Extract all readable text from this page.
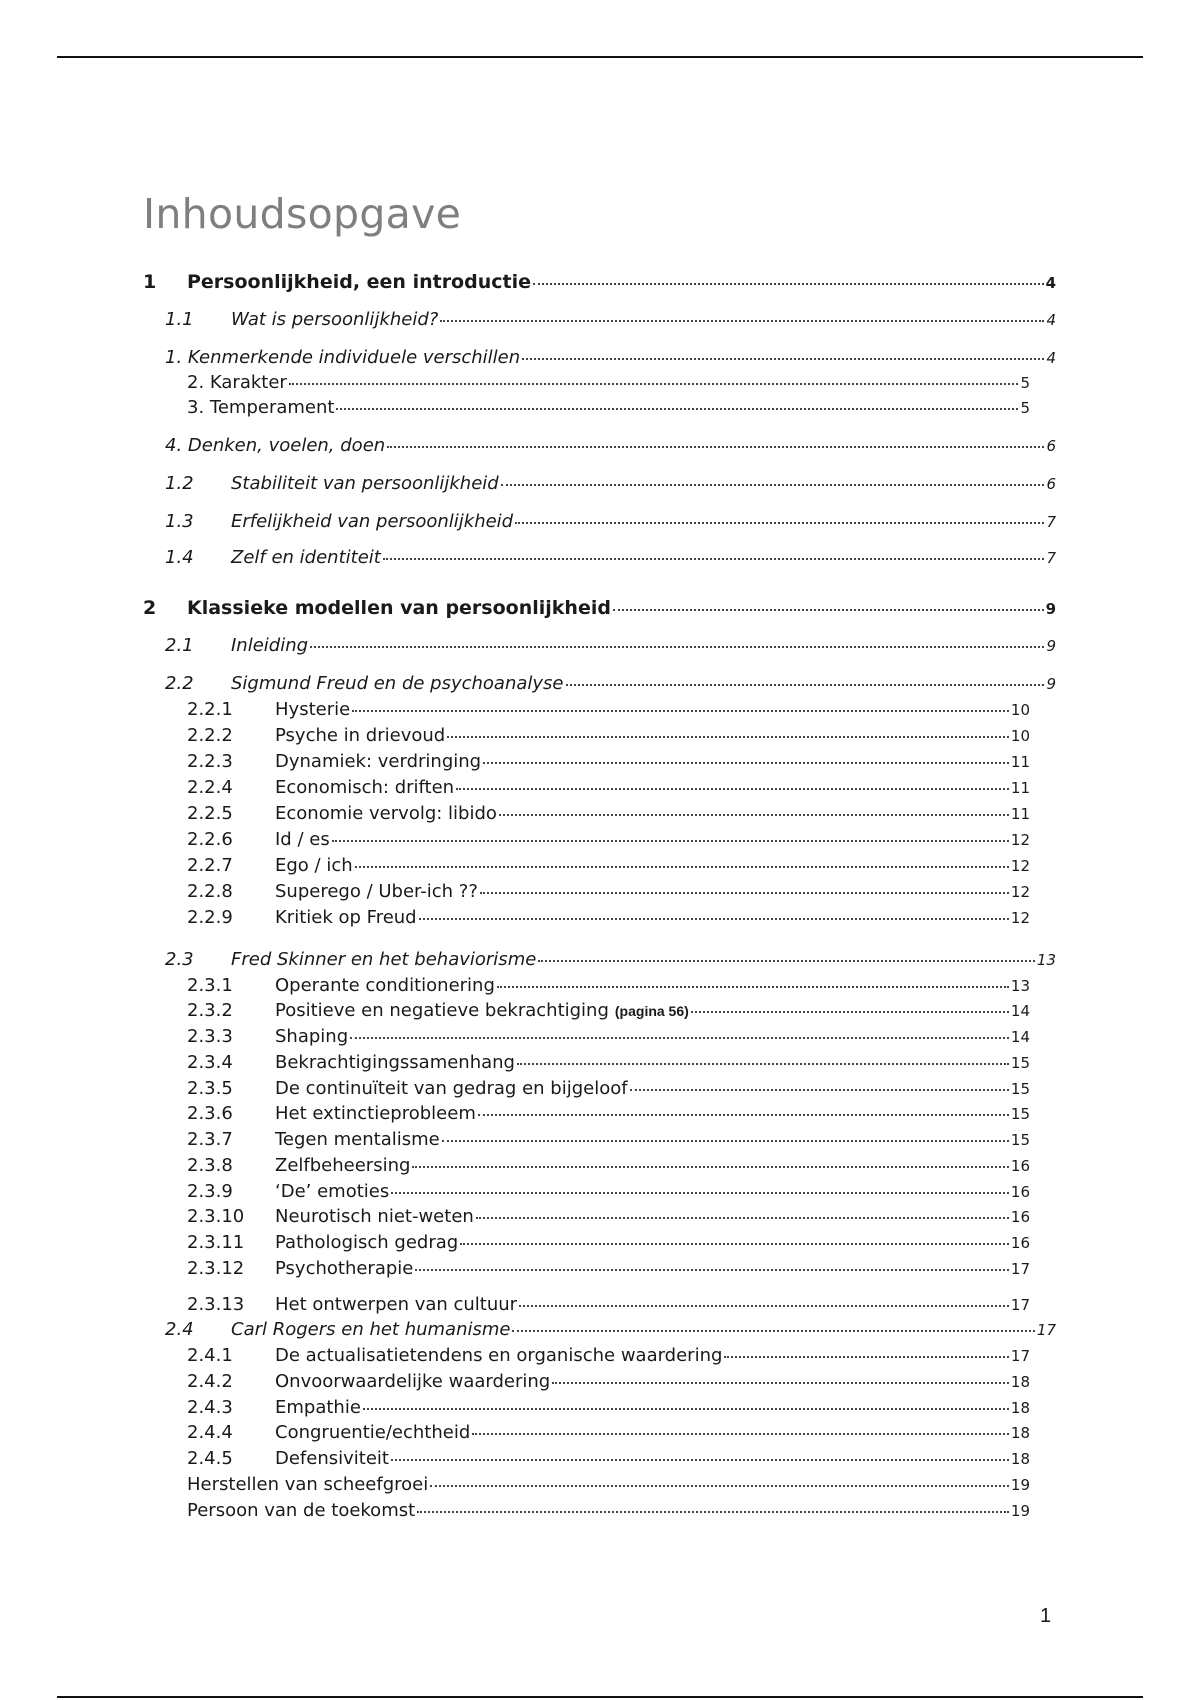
Inhoudsopgave
1	Persoonlijkheid, een introductie	4
1.1	Wat is persoonlijkheid?	4
1. Kenmerkende individuele verschillen	4
2. Karakter	5
3. Temperament	5
4. Denken, voelen, doen	6
1.2	Stabiliteit van persoonlijkheid	6
1.3	Erfelijkheid van persoonlijkheid	7
1.4	Zelf en identiteit	7
2	Klassieke modellen van persoonlijkheid	9
2.1	Inleiding	9
2.2	Sigmund Freud en de psychoanalyse	9
2.2.1	Hysterie	10
2.2.2	Psyche in drievoud	10
2.2.3	Dynamiek: verdringing	11
2.2.4	Economisch: driften	11
2.2.5	Economie vervolg: libido	11
2.2.6	Id / es	12
2.2.7	Ego / ich	12
2.2.8	Superego / Uber-ich ??	12
2.2.9	Kritiek op Freud	12
2.3	Fred Skinner en het behaviorisme	13
2.3.1	Operante conditionering	13
2.3.2	Positieve en negatieve bekrachtiging (pagina 56)	14
2.3.3	Shaping	14
2.3.4	Bekrachtigingssamenhang	15
2.3.5	De continuïteit van gedrag en bijgeloof	15
2.3.6	Het extinctieprobleem	15
2.3.7	Tegen mentalisme	15
2.3.8	Zelfbeheersing	16
2.3.9	‘De’ emoties	16
2.3.10	Neurotisch niet-weten	16
2.3.11	Pathologisch gedrag	16
2.3.12	Psychotherapie	17
2.3.13	Het ontwerpen van cultuur	17
2.4	Carl Rogers en het humanisme	17
2.4.1	De actualisatietendens en organische waardering	17
2.4.2	Onvoorwaardelijke waardering	18
2.4.3	Empathie	18
2.4.4	Congruentie/echtheid	18
2.4.5	Defensiviteit	18
Herstellen van scheefgroei	19
Persoon van de toekomst	19
1
